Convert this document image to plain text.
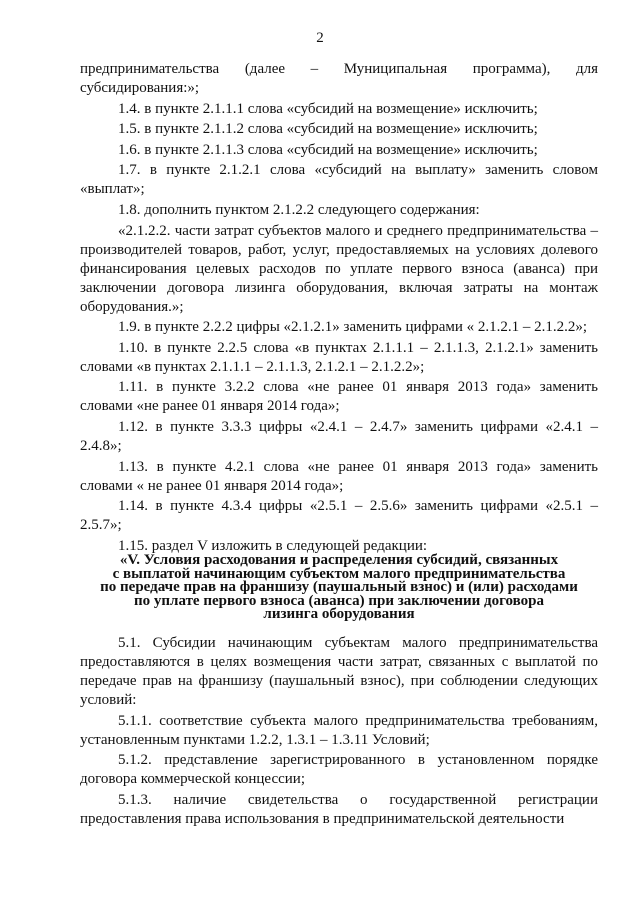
2

предпринимательства (далее – Муниципальная программа), для субсидирования:»;

1.4. в пункте 2.1.1.1 слова «субсидий на возмещение» исключить;

1.5. в пункте 2.1.1.2 слова «субсидий на возмещение» исключить;

1.6. в пункте 2.1.1.3 слова «субсидий на возмещение» исключить;

1.7. в пункте 2.1.2.1 слова «субсидий на выплату» заменить словом «выплат»;

1.8. дополнить пунктом 2.1.2.2 следующего содержания:

«2.1.2.2. части затрат субъектов малого и среднего предпринимательства – производителей товаров, работ, услуг, предоставляемых на условиях долевого финансирования целевых расходов по уплате первого взноса (аванса) при заключении договора лизинга оборудования, включая затраты на монтаж оборудования.»;

1.9. в пункте 2.2.2 цифры «2.1.2.1» заменить цифрами « 2.1.2.1 – 2.1.2.2»;

1.10. в пункте 2.2.5 слова «в пунктах 2.1.1.1 – 2.1.1.3, 2.1.2.1» заменить словами «в пунктах 2.1.1.1 – 2.1.1.3, 2.1.2.1 – 2.1.2.2»;

1.11. в пункте 3.2.2 слова «не ранее 01 января 2013 года» заменить словами «не ранее 01 января 2014 года»;

1.12. в пункте 3.3.3 цифры «2.4.1 – 2.4.7» заменить цифрами «2.4.1 – 2.4.8»;

1.13. в пункте 4.2.1 слова «не ранее 01 января 2013 года» заменить словами « не ранее 01 января 2014 года»;

1.14. в пункте 4.3.4 цифры «2.5.1 – 2.5.6» заменить цифрами «2.5.1 – 2.5.7»;

1.15. раздел V изложить в следующей редакции:

«V. Условия расходования и распределения субсидий, связанных
с выплатой начинающим субъектом малого предпринимательства
по передаче прав на франшизу (паушальный взнос) и (или) расходами
по уплате первого взноса (аванса) при заключении договора
лизинга оборудования

5.1. Субсидии начинающим субъектам малого предпринимательства предоставляются в целях возмещения части затрат, связанных с выплатой по передаче прав на франшизу (паушальный взнос), при соблюдении следующих условий:

5.1.1. соответствие субъекта малого предпринимательства требованиям, установленным пунктами 1.2.2, 1.3.1 – 1.3.11 Условий;

5.1.2. представление зарегистрированного в установленном порядке договора коммерческой концессии;

5.1.3. наличие свидетельства о государственной регистрации предоставления права использования в предпринимательской деятельности
